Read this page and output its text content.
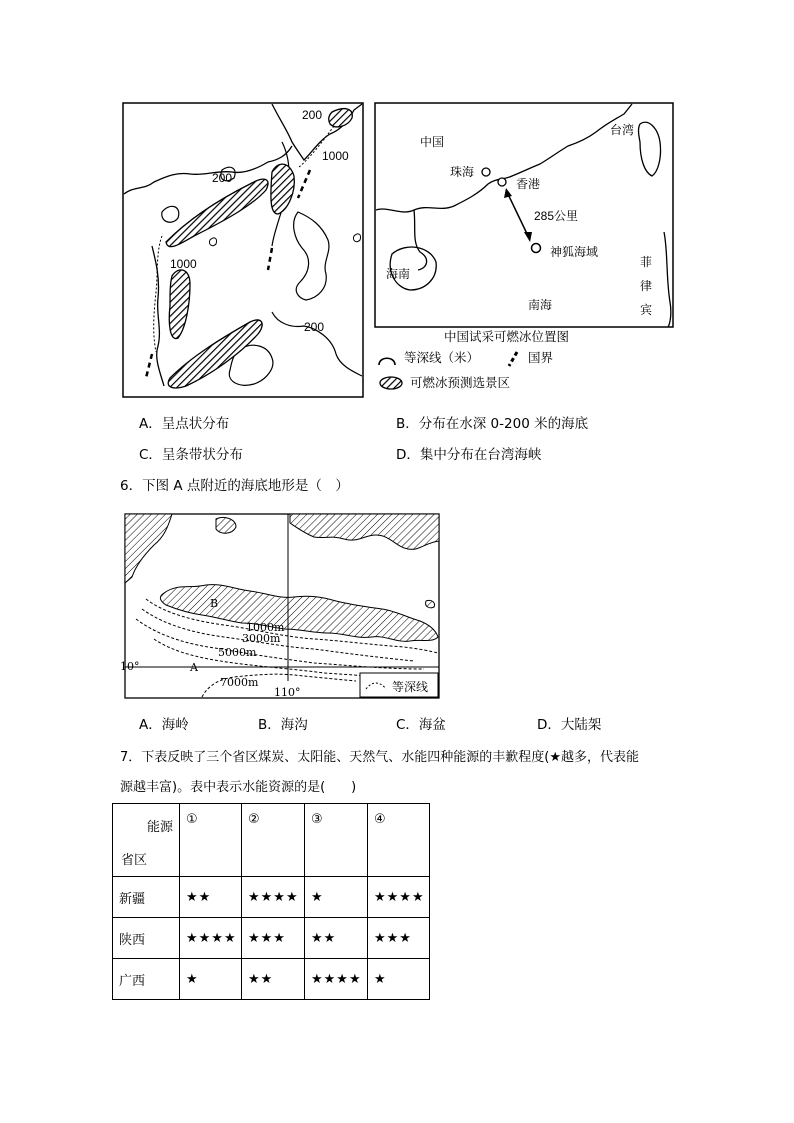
200
1000
200
1000
200
中国
台湾
珠海
香港
285公里
神狐海域
海南
南海
菲
律
宾
中国试采可燃冰位置图
等深线（米）	国界
可燃冰预测选景区
A．呈点状分布	B．分布在水深 0-200 米的海底
C．呈条带状分布	D．集中分布在台湾海峡
6．下图 A 点附近的海底地形是（　）
等深线
B
A
1000m
3000m
5000m
7000m
110°
10°
A．海岭	B．海沟	C．海盆	D．大陆架
7．下表反映了三个省区煤炭、太阳能、天然气、水能四种能源的丰歉程度(★越多，代表能
源越丰富)。表中表示水能资源的是(　　)
能源
省区	①	②	③	④
新疆	★★	★★★★	★	★★★★
陕西	★★★★	★★★	★★	★★★
广西	★	★★	★★★★	★
